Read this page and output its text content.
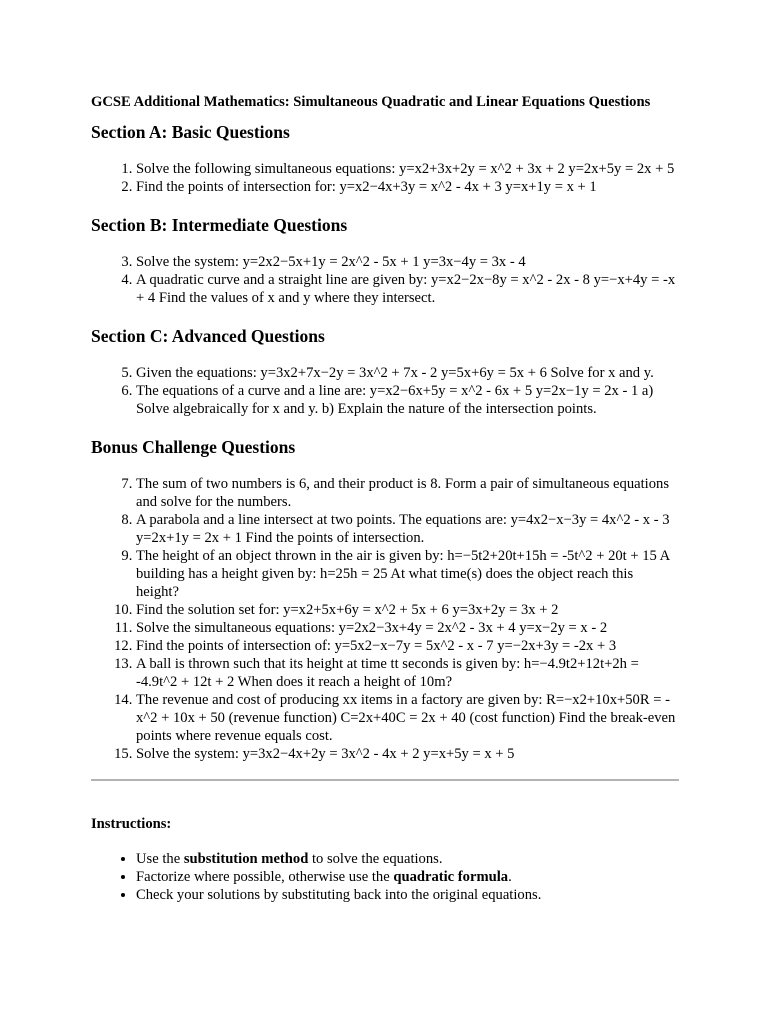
GCSE Additional Mathematics: Simultaneous Quadratic and Linear Equations Questions
Section A: Basic Questions
1. Solve the following simultaneous equations: y=x2+3x+2y = x^2 + 3x + 2 y=2x+5y = 2x + 5
2. Find the points of intersection for: y=x2−4x+3y = x^2 - 4x + 3 y=x+1y = x + 1
Section B: Intermediate Questions
3. Solve the system: y=2x2−5x+1y = 2x^2 - 5x + 1 y=3x−4y = 3x - 4
4. A quadratic curve and a straight line are given by: y=x2−2x−8y = x^2 - 2x - 8 y=−x+4y = -x + 4 Find the values of x and y where they intersect.
Section C: Advanced Questions
5. Given the equations: y=3x2+7x−2y = 3x^2 + 7x - 2 y=5x+6y = 5x + 6 Solve for x and y.
6. The equations of a curve and a line are: y=x2−6x+5y = x^2 - 6x + 5 y=2x−1y = 2x - 1 a) Solve algebraically for x and y. b) Explain the nature of the intersection points.
Bonus Challenge Questions
7. The sum of two numbers is 6, and their product is 8. Form a pair of simultaneous equations and solve for the numbers.
8. A parabola and a line intersect at two points. The equations are: y=4x2−x−3y = 4x^2 - x - 3 y=2x+1y = 2x + 1 Find the points of intersection.
9. The height of an object thrown in the air is given by: h=−5t2+20t+15h = -5t^2 + 20t + 15 A building has a height given by: h=25h = 25 At what time(s) does the object reach this height?
10. Find the solution set for: y=x2+5x+6y = x^2 + 5x + 6 y=3x+2y = 3x + 2
11. Solve the simultaneous equations: y=2x2−3x+4y = 2x^2 - 3x + 4 y=x−2y = x - 2
12. Find the points of intersection of: y=5x2−x−7y = 5x^2 - x - 7 y=−2x+3y = -2x + 3
13. A ball is thrown such that its height at time tt seconds is given by: h=−4.9t2+12t+2h = -4.9t^2 + 12t + 2 When does it reach a height of 10m?
14. The revenue and cost of producing xx items in a factory are given by: R=−x2+10x+50R = -x^2 + 10x + 50 (revenue function) C=2x+40C = 2x + 40 (cost function) Find the break-even points where revenue equals cost.
15. Solve the system: y=3x2−4x+2y = 3x^2 - 4x + 2 y=x+5y = x + 5

Instructions:

• Use the substitution method to solve the equations.
• Factorize where possible, otherwise use the quadratic formula.
• Check your solutions by substituting back into the original equations.
